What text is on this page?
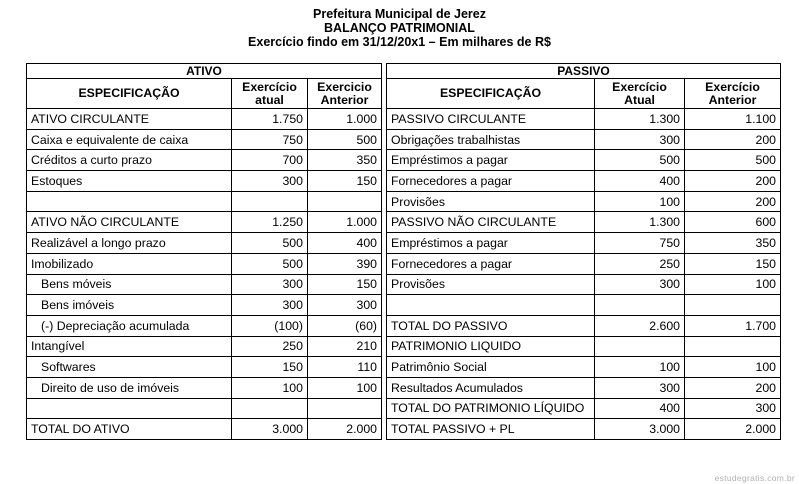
Prefeitura Municipal de Jerez
BALANÇO PATRIMONIAL
Exercício findo em 31/12/20x1 – Em milhares de R$
ATIVO				PASSIVO		
ESPECIFICAÇÃO	Exercício atual	Exercicio Anterior		ESPECIFICAÇÃO	Exercício Atual	Exercício Anterior
ATIVO CIRCULANTE	1.750	1.000		PASSIVO CIRCULANTE	1.300	1.100
Caixa e equivalente de caixa	750	500		Obrigações trabalhistas	300	200
Créditos a curto prazo	700	350		Empréstimos a pagar	500	500
Estoques	300	150		Fornecedores a pagar	400	200
				Provisões	100	200
ATIVO NÃO CIRCULANTE	1.250	1.000		PASSIVO NÃO CIRCULANTE	1.300	600
Realizável a longo prazo	500	400		Empréstimos a pagar	750	350
Imobilizado	500	390		Fornecedores a pagar	250	150
Bens móveis	300	150		Provisões	300	100
Bens imóveis	300	300				
(-) Depreciação acumulada	(100)	(60)		TOTAL DO PASSIVO	2.600	1.700
Intangível	250	210		PATRIMONIO LIQUIDO		
Softwares	150	110		Patrimônio Social	100	100
Direito de uso de imóveis	100	100		Resultados Acumulados	300	200
				TOTAL DO PATRIMONIO LÍQUIDO	400	300
TOTAL DO ATIVO	3.000	2.000		TOTAL PASSIVO + PL	3.000	2.000
estudegratis.com.br
